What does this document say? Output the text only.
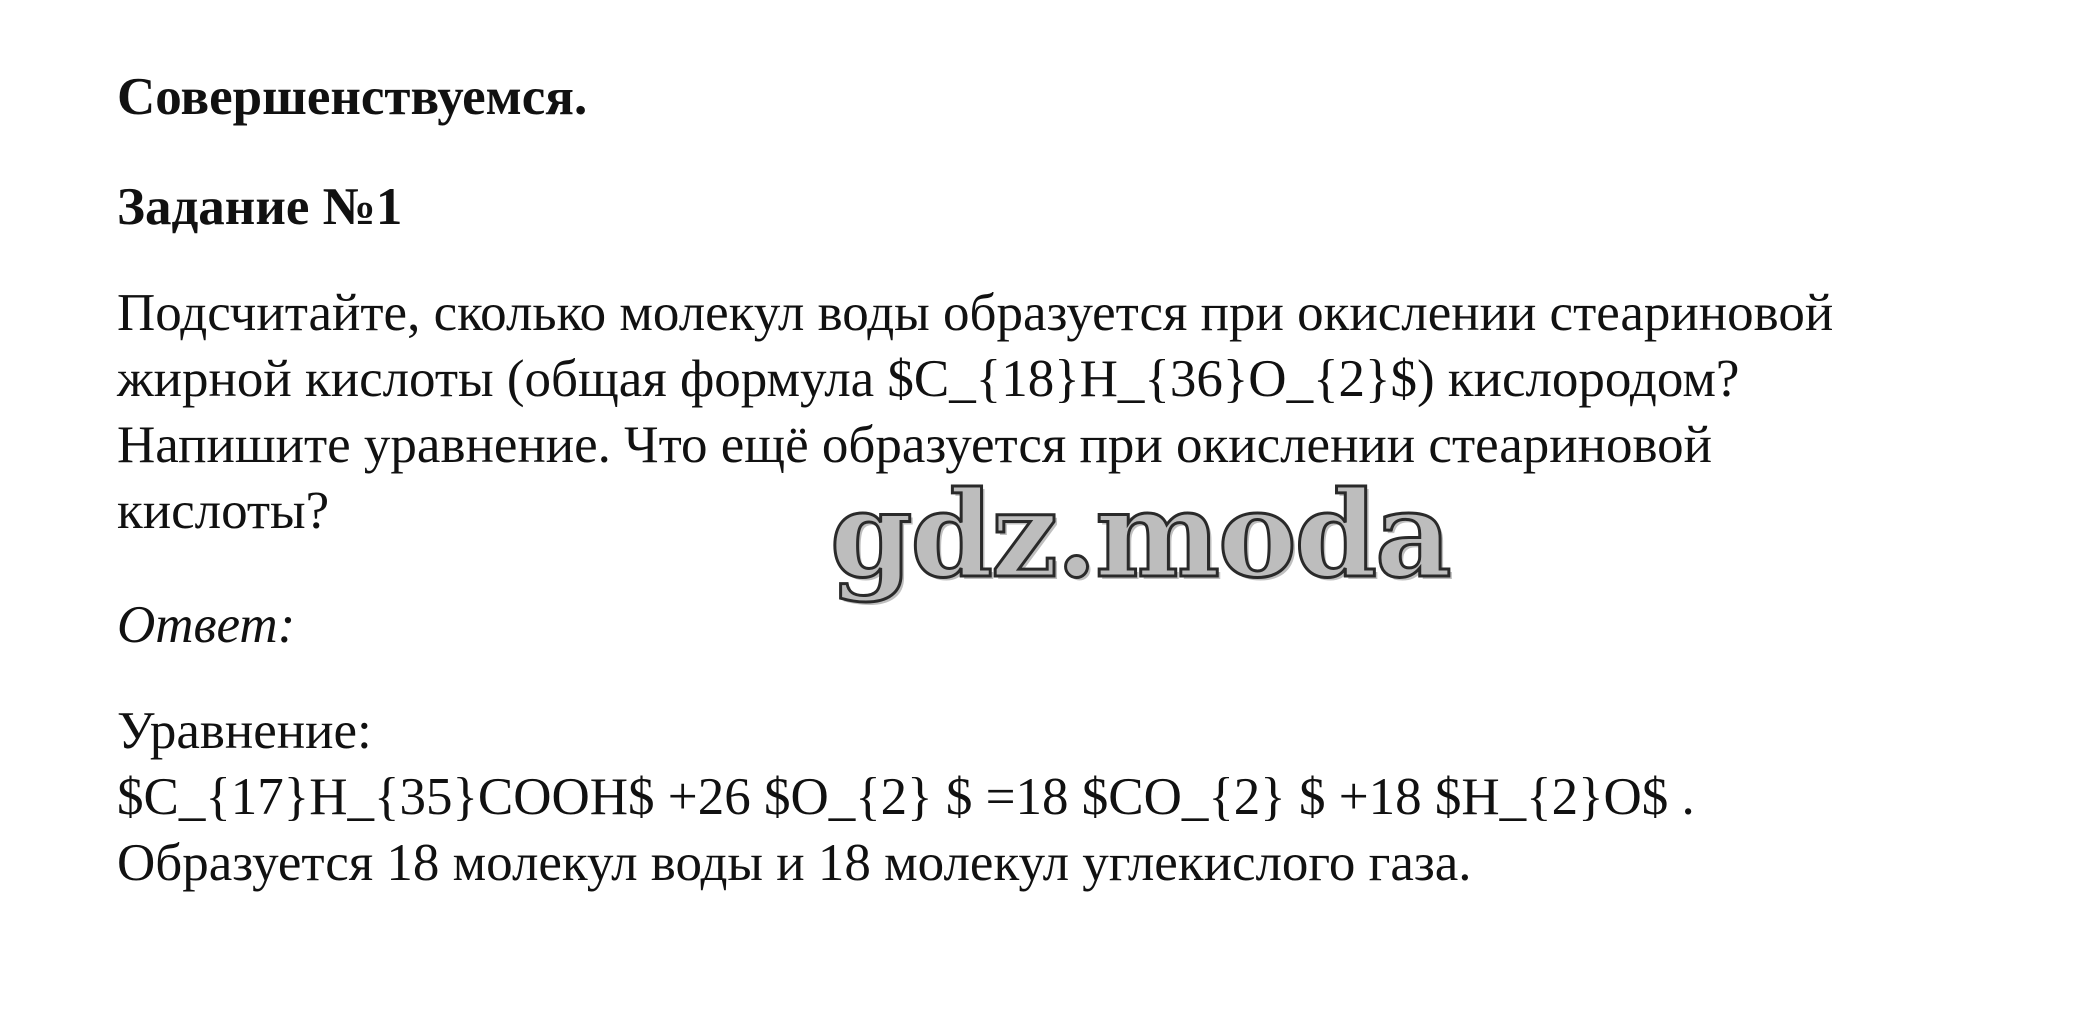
Совершенствуемся.
Задание №1

Подсчитайте, сколько молекул воды образуется при окислении стеариновой
жирной кислоты (общая формула $C_{18}H_{36}O_{2}$) кислородом?
Напишите уравнение. Что ещё образуется при окислении стеариновой
кислоты?

Ответ:

Уравнение:
$C_{17}H_{35}COOH$ +26 $O_{2} $ =18 $CO_{2} $ +18 $H_{2}O$ .
Образуется 18 молекул воды и 18 молекул углекислого газа.

gdz.moda
